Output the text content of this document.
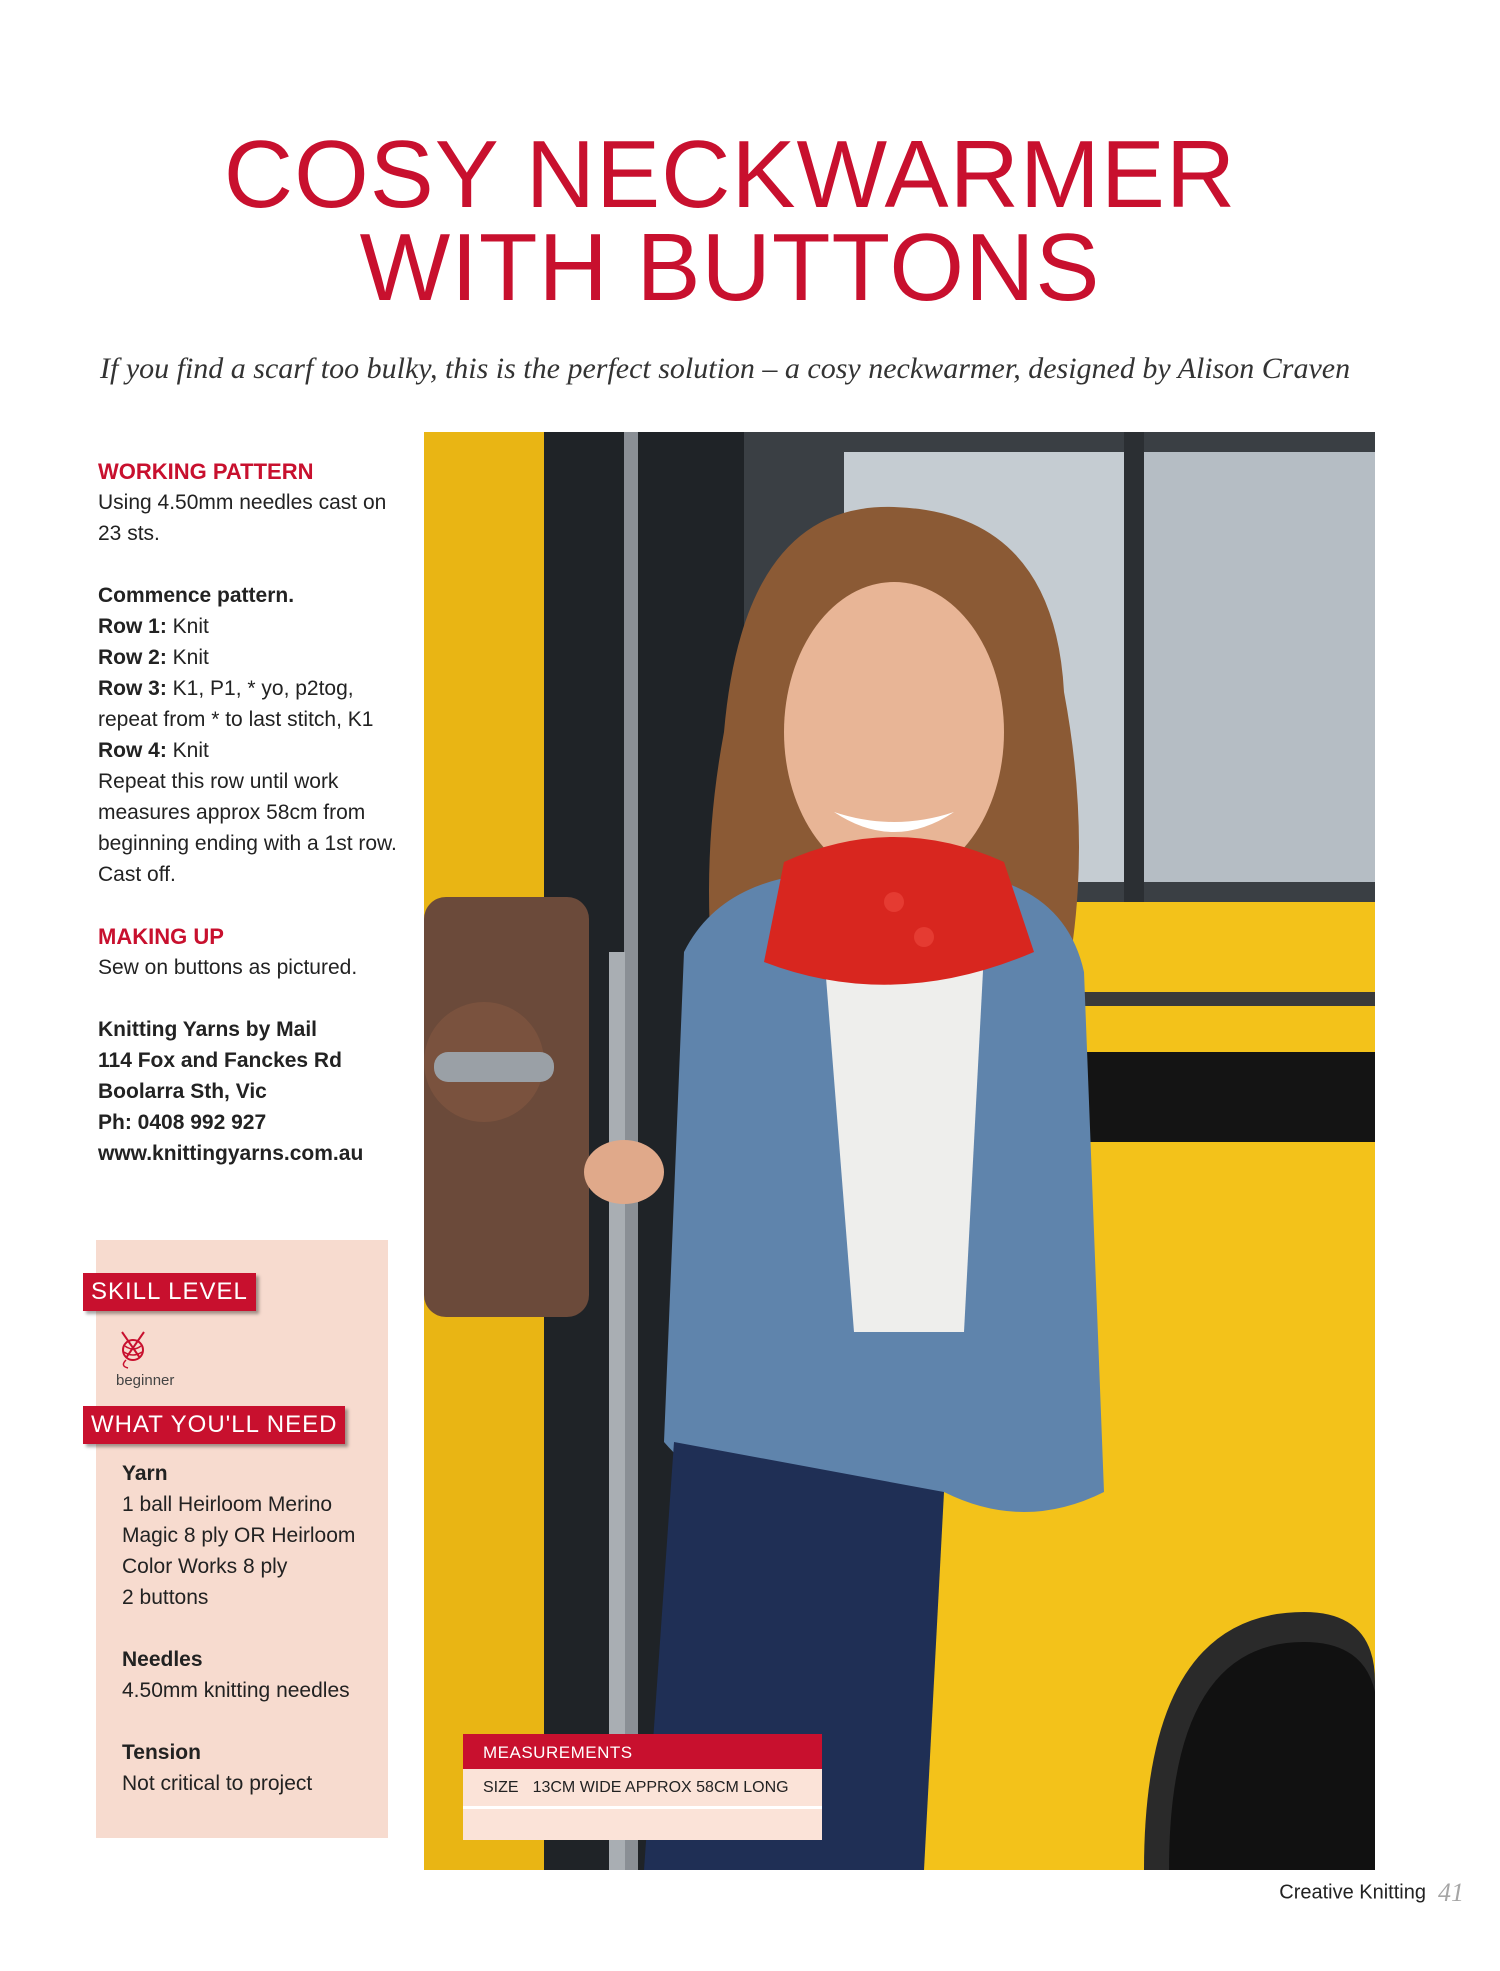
COSY NECKWARMER
WITH BUTTONS
If you find a scarf too bulky, this is the perfect solution – a cosy neckwarmer, designed by Alison Craven

WORKING PATTERN

Using 4.50mm needles cast on 23 sts.

Commence pattern.

Row 1: Knit

Row 2: Knit

Row 3: K1, P1, * yo, p2tog, repeat from * to last stitch, K1

Row 4: Knit

Repeat this row until work measures approx 58cm from beginning ending with a 1st row.

Cast off.

MAKING UP

Sew on buttons as pictured.

Knitting Yarns by Mail

114 Fox and Fanckes Rd

Boolarra Sth, Vic

Ph: 0408 992 927

www.knittingyarns.com.au

SKILL LEVEL
beginner
WHAT YOU'LL NEED

Yarn

1 ball Heirloom Merino Magic 8 ply OR Heirloom Color Works 8 ply

2 buttons

Needles

4.50mm knitting needles

Tension

Not critical to project

MEASUREMENTS
SIZE 13CM WIDE APPROX 58CM LONG
Creative Knitting 41
